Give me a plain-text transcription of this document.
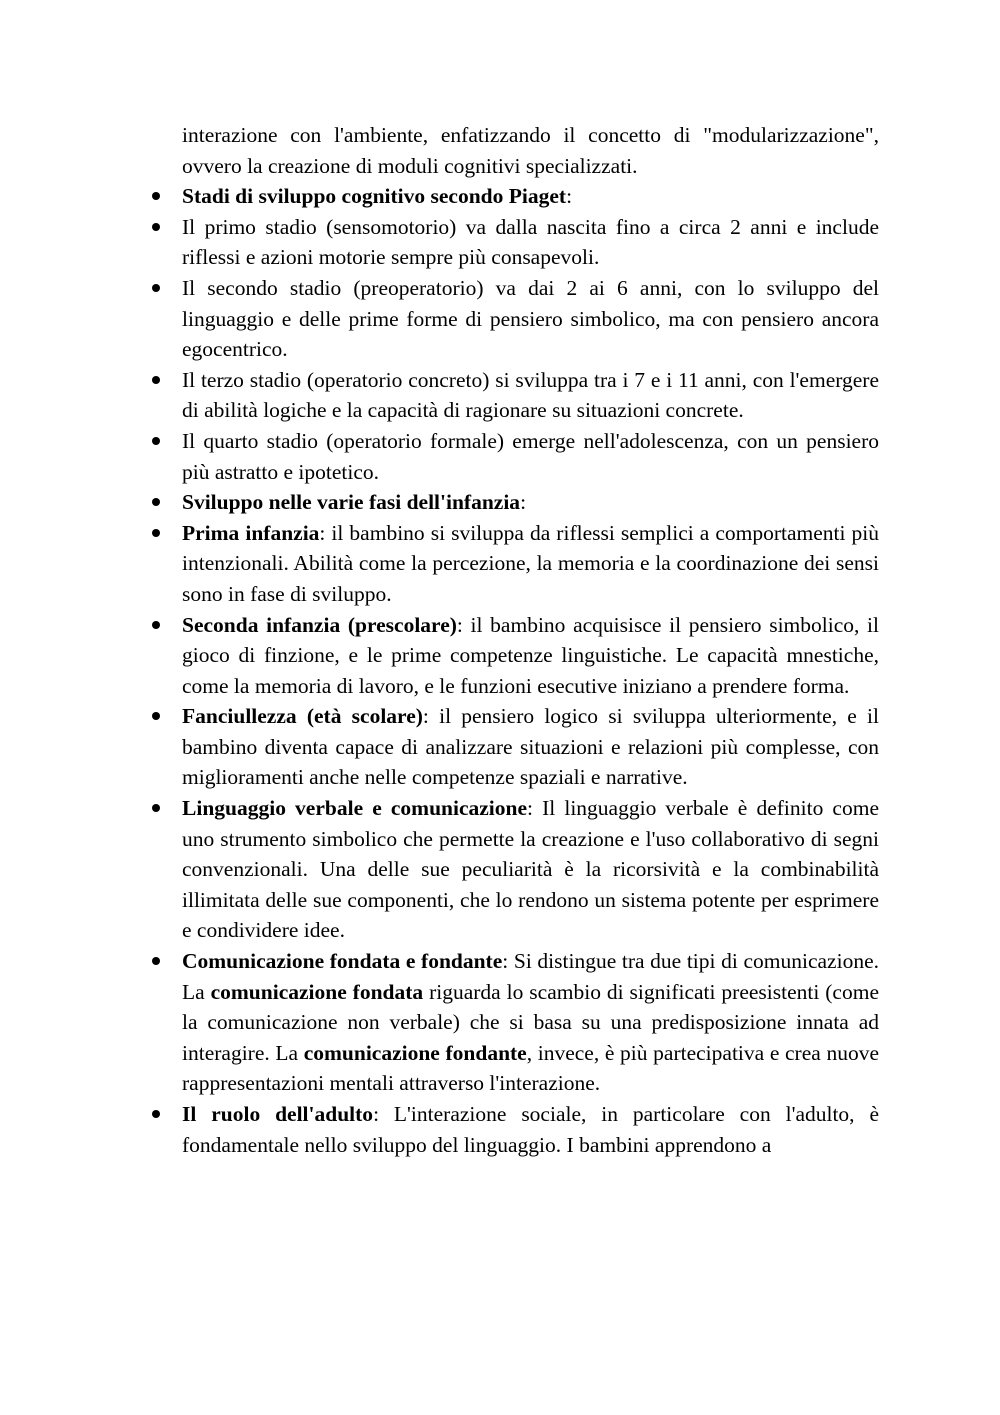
interazione con l'ambiente, enfatizzando il concetto di "modularizzazione", ovvero la creazione di moduli cognitivi specializzati.

Stadi di sviluppo cognitivo secondo Piaget:
Il primo stadio (sensomotorio) va dalla nascita fino a circa 2 anni e include riflessi e azioni motorie sempre più consapevoli.
Il secondo stadio (preoperatorio) va dai 2 ai 6 anni, con lo sviluppo del linguaggio e delle prime forme di pensiero simbolico, ma con pensiero ancora egocentrico.
Il terzo stadio (operatorio concreto) si sviluppa tra i 7 e i 11 anni, con l'emergere di abilità logiche e la capacità di ragionare su situazioni concrete.
Il quarto stadio (operatorio formale) emerge nell'adolescenza, con un pensiero più astratto e ipotetico.
Sviluppo nelle varie fasi dell'infanzia:
Prima infanzia: il bambino si sviluppa da riflessi semplici a comportamenti più intenzionali. Abilità come la percezione, la memoria e la coordinazione dei sensi sono in fase di sviluppo.
Seconda infanzia (prescolare): il bambino acquisisce il pensiero simbolico, il gioco di finzione, e le prime competenze linguistiche. Le capacità mnestiche, come la memoria di lavoro, e le funzioni esecutive iniziano a prendere forma.
Fanciullezza (età scolare): il pensiero logico si sviluppa ulteriormente, e il bambino diventa capace di analizzare situazioni e relazioni più complesse, con miglioramenti anche nelle competenze spaziali e narrative.
Linguaggio verbale e comunicazione: Il linguaggio verbale è definito come uno strumento simbolico che permette la creazione e l'uso collaborativo di segni convenzionali. Una delle sue peculiarità è la ricorsività e la combinabilità illimitata delle sue componenti, che lo rendono un sistema potente per esprimere e condividere idee.
Comunicazione fondata e fondante: Si distingue tra due tipi di comunicazione. La comunicazione fondata riguarda lo scambio di significati preesistenti (come la comunicazione non verbale) che si basa su una predisposizione innata ad interagire. La comunicazione fondante, invece, è più partecipativa e crea nuove rappresentazioni mentali attraverso l'interazione.
Il ruolo dell'adulto: L'interazione sociale, in particolare con l'adulto, è fondamentale nello sviluppo del linguaggio. I bambini apprendono a
